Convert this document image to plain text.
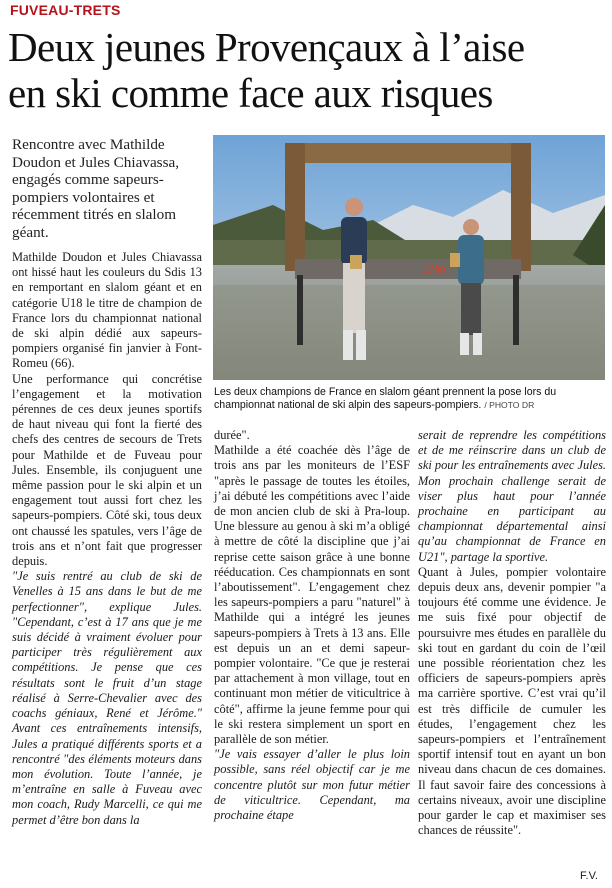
FUVEAU-TRETS
Deux jeunes Provençaux à l’aise
en ski comme face aux risques
Rencontre avec Mathilde Doudon et Jules Chiavassa, engagés comme sapeurs-pompiers volontaires et récemment titrés en slalom géant.
1790
Les deux champions de France en slalom géant prennent la pose lors du championnat national de ski alpin des sapeurs-pompiers. / PHOTO DR

Mathilde Doudon et Jules Chiavassa ont hissé haut les couleurs du Sdis 13 en remportant en slalom géant et en catégorie U18 le titre de champion de France lors du championnat national de ski alpin dédié aux sapeurs-pompiers organisé fin janvier à Font-Romeu (66).

Une performance qui concrétise l’engagement et la motivation pérennes de ces deux jeunes sportifs de haut niveau qui font la fierté des chefs des centres de secours de Trets pour Mathilde et de Fuveau pour Jules. Ensemble, ils conjuguent une même passion pour le ski alpin et un engagement tout aussi fort chez les sapeurs-pompiers. Côté ski, tous deux ont chaussé les spatules, vers l’âge de trois ans et n’ont fait que progresser depuis.

"Je suis rentré au club de ski de Venelles à 15 ans dans le but de me perfectionner", explique Jules. "Cependant, c’est à 17 ans que je me suis décidé à vraiment évoluer pour participer très régulièrement aux compétitions. Je pense que ces résultats sont le fruit d’un stage réalisé à Serre-Chevalier avec des coachs géniaux, René et Jérôme." Avant ces entraînements intensifs, Jules a pratiqué différents sports et a rencontré "des éléments moteurs dans mon évolution. Toute l’année, je m’entraîne en salle à Fuveau avec mon coach, Rudy Marcelli, ce qui me permet d’être bon dans la

durée".

Mathilde a été coachée dès l’âge de trois ans par les moniteurs de l’ESF "après le passage de toutes les étoiles, j’ai débuté les compétitions avec l’aide de mon ancien club de ski à Pra-loup. Une blessure au genou à ski m’a obligé à mettre de côté la discipline que j’ai reprise cette saison grâce à une bonne rééducation. Ces championnats en sont l’aboutissement". L’engagement chez les sapeurs-pompiers a paru "naturel" à Mathilde qui a intégré les jeunes sapeurs-pompiers à Trets à 13 ans. Elle est depuis un an et demi sapeur-pompier volontaire. "Ce que je resterai par attachement à mon village, tout en continuant mon métier de viticultrice à côté", affirme la jeune femme pour qui le ski restera simplement un sport en parallèle de son métier.

"Je vais essayer d’aller le plus loin possible, sans réel objectif car je me concentre plutôt sur mon futur métier de viticultrice. Cependant, ma prochaine étape

serait de reprendre les compétitions et de me réinscrire dans un club de ski pour les entraînements avec Jules. Mon prochain challenge serait de viser plus haut pour l’année prochaine en participant au championnat départemental ainsi qu’au championnat de France en U21", partage la sportive.

Quant à Jules, pompier volontaire depuis deux ans, devenir pompier "a toujours été comme une évidence. Je me suis fixé pour objectif de poursuivre mes études en parallèle du ski tout en gardant du coin de l’œil une possible réorientation chez les officiers de sapeurs-pompiers après ma carrière sportive. C’est vrai qu’il est très difficile de cumuler les études, l’engagement chez les sapeurs-pompiers et l’entraînement sportif intensif tout en ayant un bon niveau dans chacun de ces domaines. Il faut savoir faire des concessions à certains niveaux, avoir une discipline pour garder le cap et maximiser ses chances de réussite".

F.V.
